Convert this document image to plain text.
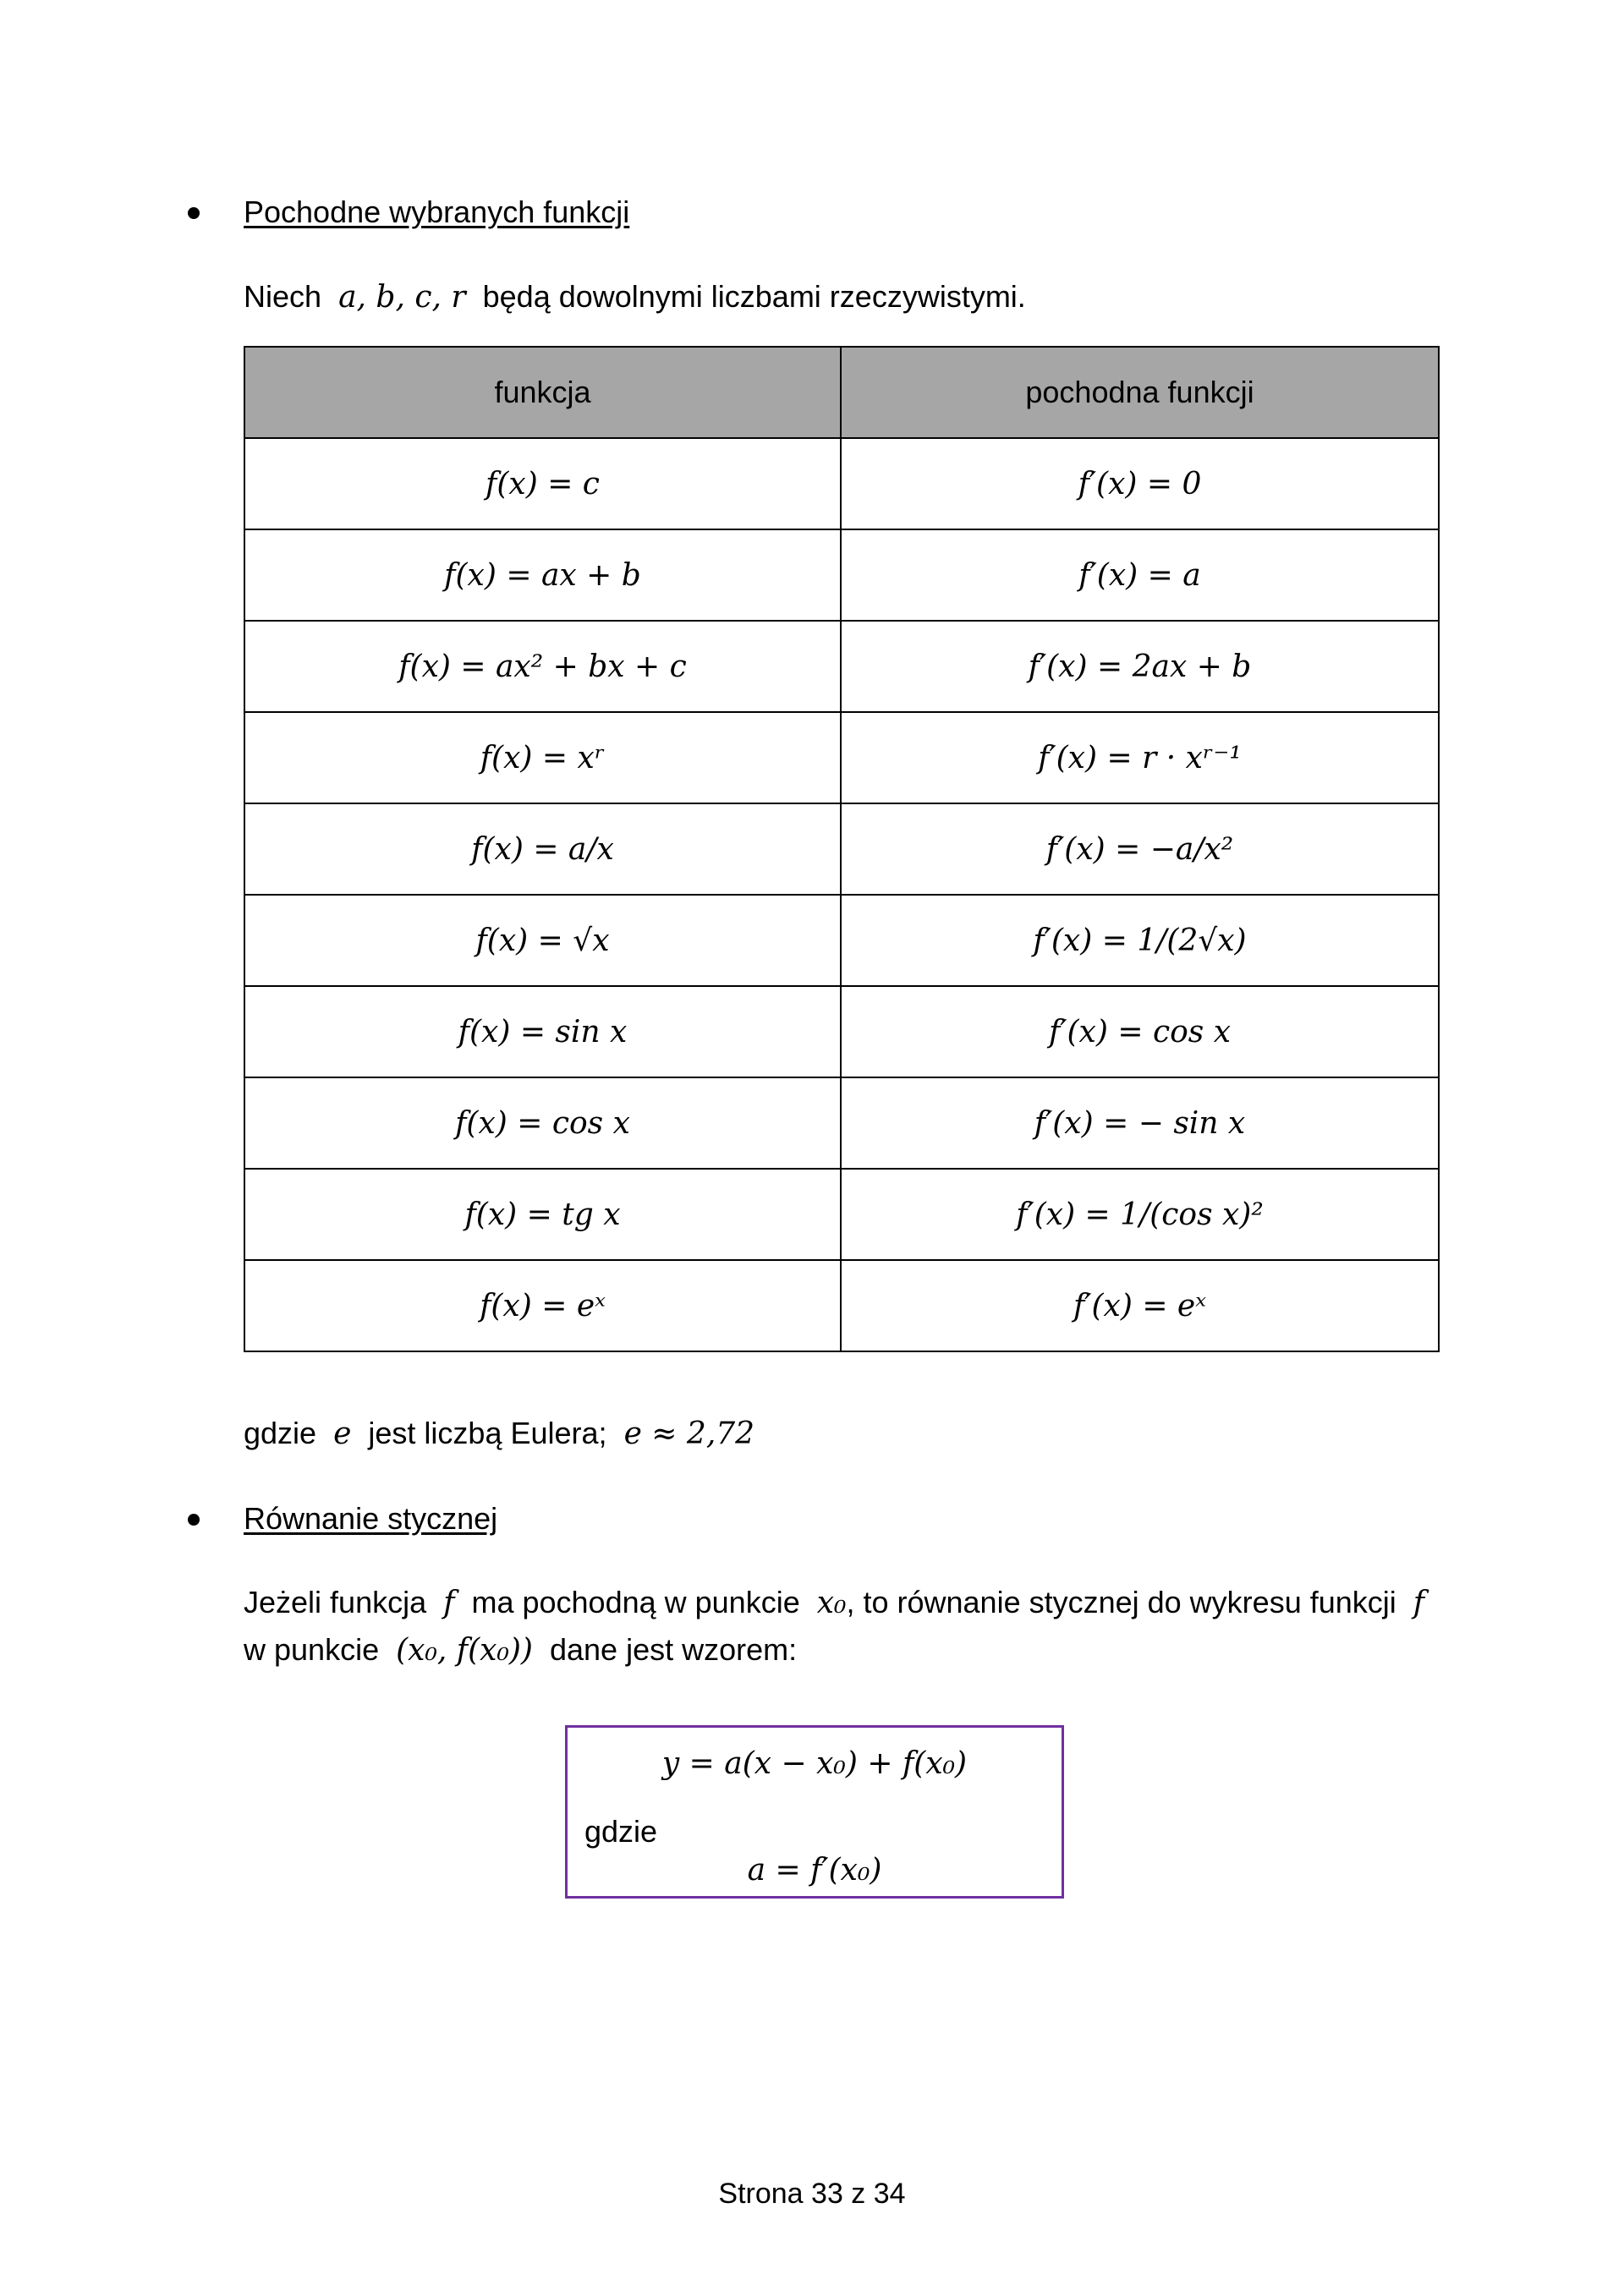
Pochodne wybranych funkcji
Niech a, b, c, r będą dowolnymi liczbami rzeczywistymi.
funkcja	pochodna funkcji
f(x) = c	f′(x) = 0
f(x) = ax + b	f′(x) = a
f(x) = ax² + bx + c	f′(x) = 2ax + b
f(x) = xʳ	f′(x) = r · xʳ⁻¹
f(x) = a/x	f′(x) = −a/x²
f(x) = √x	f′(x) = 1/(2√x)
f(x) = sin x	f′(x) = cos x
f(x) = cos x	f′(x) = − sin x
f(x) = tg x	f′(x) = 1/(cos x)²
f(x) = eˣ	f′(x) = eˣ
gdzie e jest liczbą Eulera; e ≈ 2,72
Równanie stycznej
Jeżeli funkcja f ma pochodną w punkcie x₀, to równanie stycznej do wykresu funkcji f
w punkcie (x₀, f(x₀)) dane jest wzorem:
y = a(x − x₀) + f(x₀)
gdzie
a = f′(x₀)
Strona 33 z 34
